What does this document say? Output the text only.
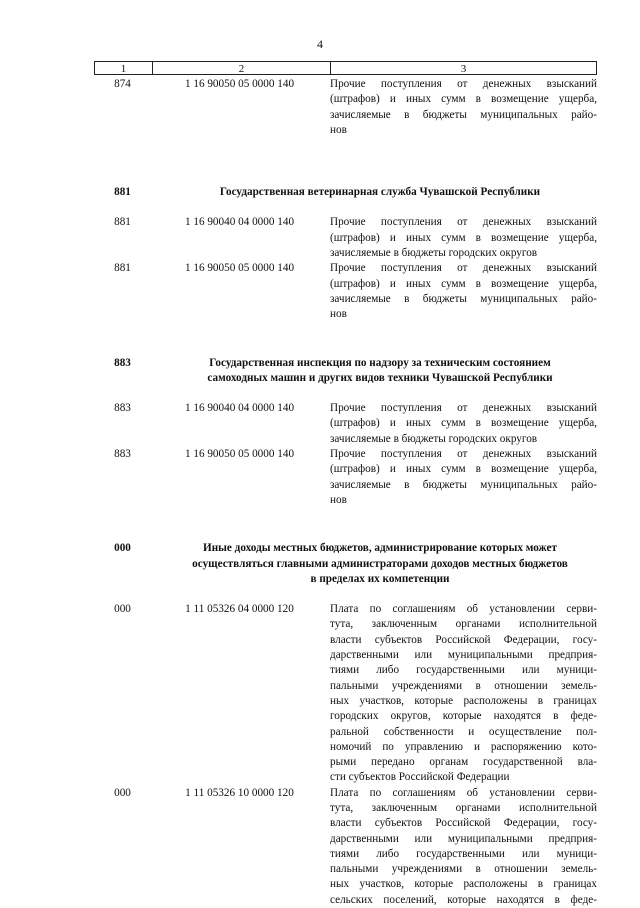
4
1	2	3
874	1 16 90050 05 0000 140	Прочие поступления от денежных взысканий
(штрафов) и иных сумм в возмещение ущерба,
зачисляемые в бюджеты муниципальных райо-
нов
881	Государственная ветеринарная служба Чувашской Республики
881	1 16 90040 04 0000 140	Прочие поступления от денежных взысканий
(штрафов) и иных сумм в возмещение ущерба,
зачисляемые в бюджеты городских округов
881	1 16 90050 05 0000 140	Прочие поступления от денежных взысканий
(штрафов) и иных сумм в возмещение ущерба,
зачисляемые в бюджеты муниципальных райо-
нов
883	Государственная инспекция по надзору за техническим состоянием
самоходных машин и других видов техники Чувашской Республики
883	1 16 90040 04 0000 140	Прочие поступления от денежных взысканий
(штрафов) и иных сумм в возмещение ущерба,
зачисляемые в бюджеты городских округов
883	1 16 90050 05 0000 140	Прочие поступления от денежных взысканий
(штрафов) и иных сумм в возмещение ущерба,
зачисляемые в бюджеты муниципальных райо-
нов
000	Иные доходы местных бюджетов, администрирование которых может
осуществляться главными администраторами доходов местных бюджетов
в пределах их компетенции
000	1 11 05326 04 0000 120	Плата по соглашениям об установлении серви-
тута, заключенным органами исполнительной
власти субъектов Российской Федерации, госу-
дарственными или муниципальными предприя-
тиями либо государственными или муници-
пальными учреждениями в отношении земель-
ных участков, которые расположены в границах
городских округов, которые находятся в феде-
ральной собственности и осуществление пол-
номочий по управлению и распоряжению кото-
рыми передано органам государственной вла-
сти субъектов Российской Федерации
000	1 11 05326 10 0000 120	Плата по соглашениям об установлении серви-
тута, заключенным органами исполнительной
власти субъектов Российской Федерации, госу-
дарственными или муниципальными предприя-
тиями либо государственными или муници-
пальными учреждениями в отношении земель-
ных участков, которые расположены в границах
сельских поселений, которые находятся в феде-
